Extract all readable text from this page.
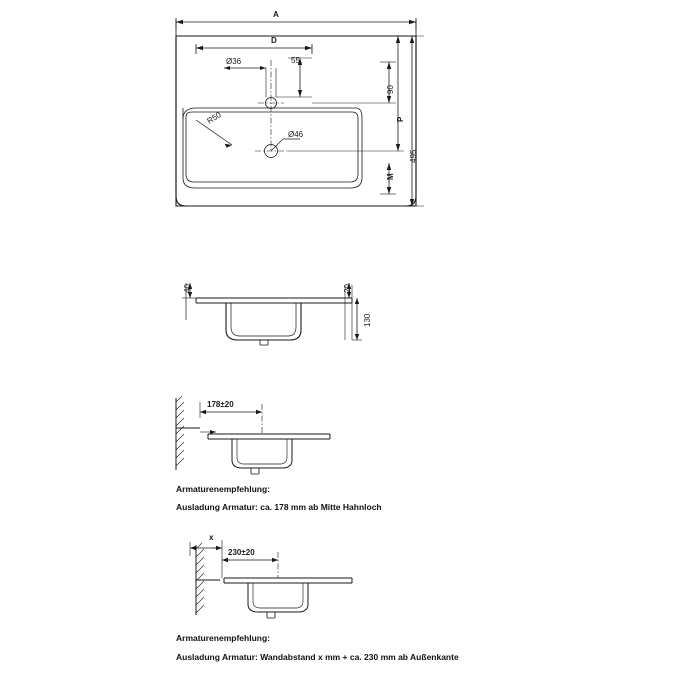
A
D
Ø36	55
90
P
495
M
R50
Ø46
40	20
130
178±20
Armaturenempfehlung:
Ausladung Armatur: ca. 178 mm ab Mitte Hahnloch
x
230±20
Armaturenempfehlung:
Ausladung Armatur: Wandabstand x mm + ca. 230 mm ab Außenkante
